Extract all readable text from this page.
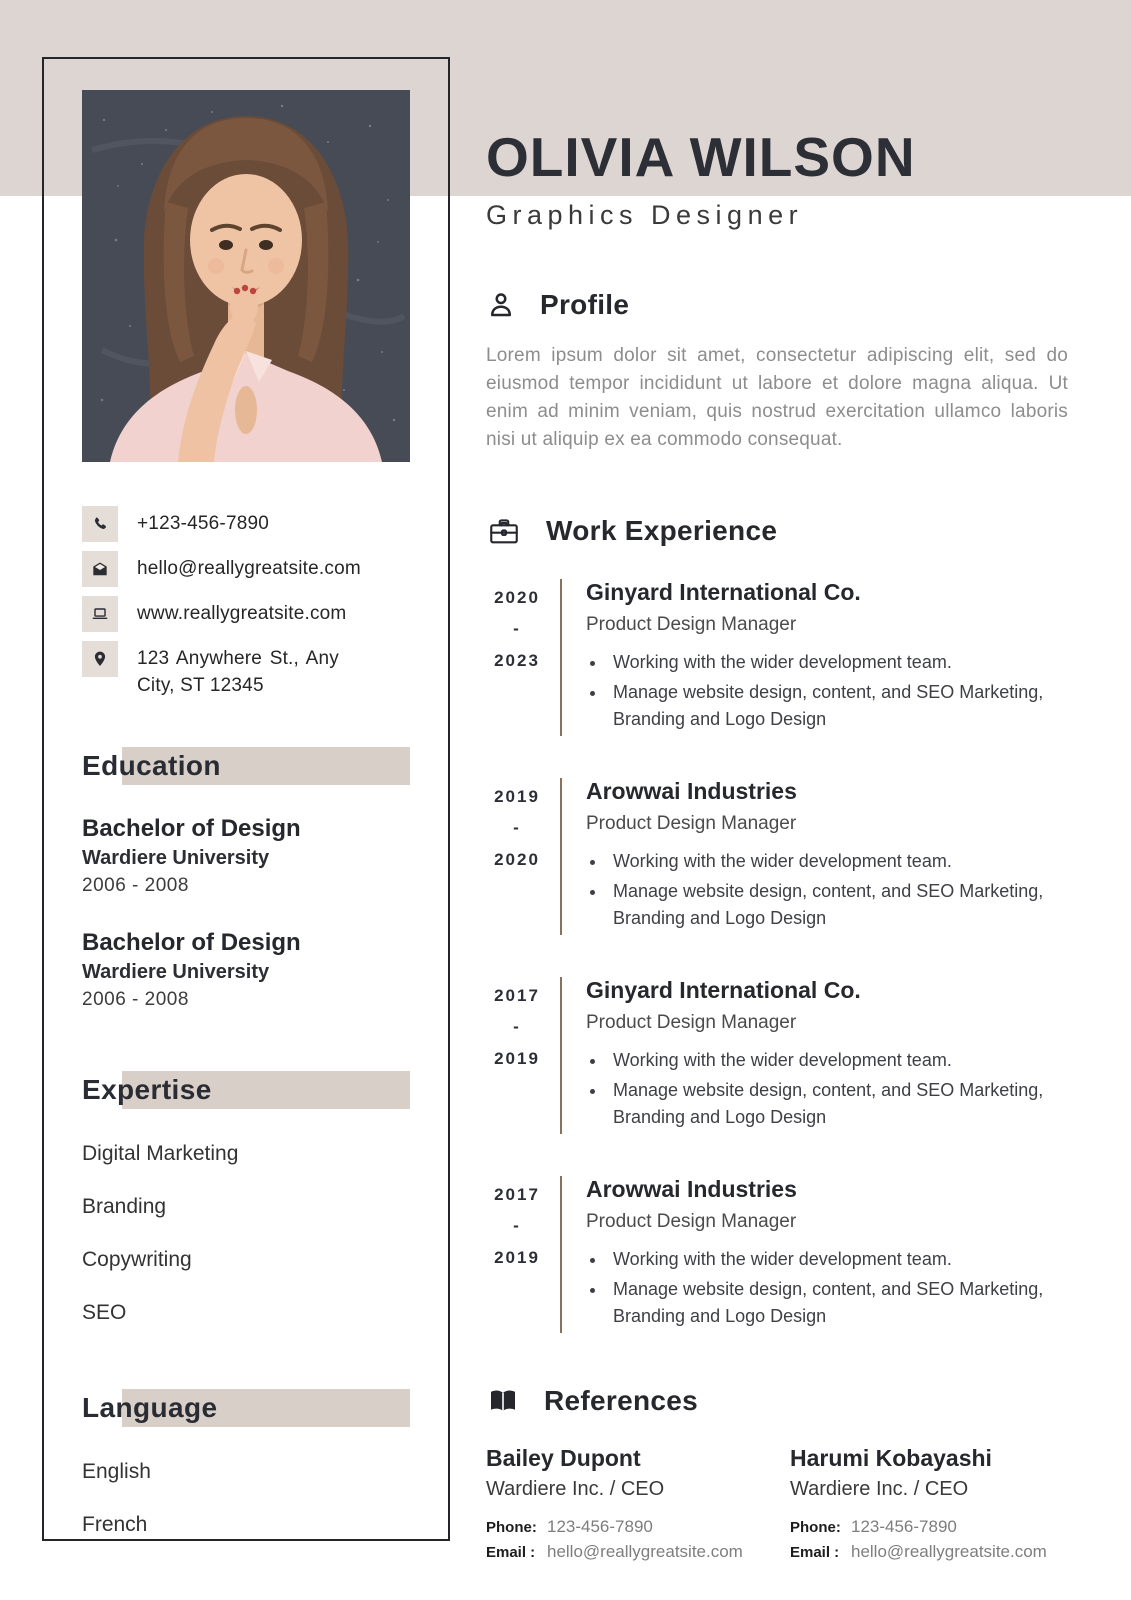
+123-456-7890
hello@reallygreatsite.com
www.reallygreatsite.com
123 Anywhere St., Any City, ST 12345
Education
Bachelor of Design
Wardiere University
2006 - 2008
Bachelor of Design
Wardiere University
2006 - 2008
Expertise
Digital Marketing
Branding
Copywriting
SEO
Language
English
French
OLIVIA WILSON
Graphics Designer
Profile

Lorem ipsum dolor sit amet, consectetur adipiscing elit, sed do eiusmod tempor incididunt ut labore et dolore magna aliqua. Ut enim ad minim veniam, quis nostrud exercitation ullamco laboris nisi ut aliquip ex ea commodo consequat.

Work Experience
2020
-
2023
Ginyard International Co.
Product Design Manager
• Working with the wider development team.
• Manage website design, content, and SEO Marketing, Branding and Logo Design
2019
-
2020
Arowwai Industries
Product Design Manager
• Working with the wider development team.
• Manage website design, content, and SEO Marketing, Branding and Logo Design
2017
-
2019
Ginyard International Co.
Product Design Manager
• Working with the wider development team.
• Manage website design, content, and SEO Marketing, Branding and Logo Design
2017
-
2019
Arowwai Industries
Product Design Manager
• Working with the wider development team.
• Manage website design, content, and SEO Marketing, Branding and Logo Design
References
Bailey Dupont
Wardiere Inc. / CEO
Phone: 123-456-7890
Email : hello@reallygreatsite.com
Harumi Kobayashi
Wardiere Inc. / CEO
Phone: 123-456-7890
Email : hello@reallygreatsite.com
